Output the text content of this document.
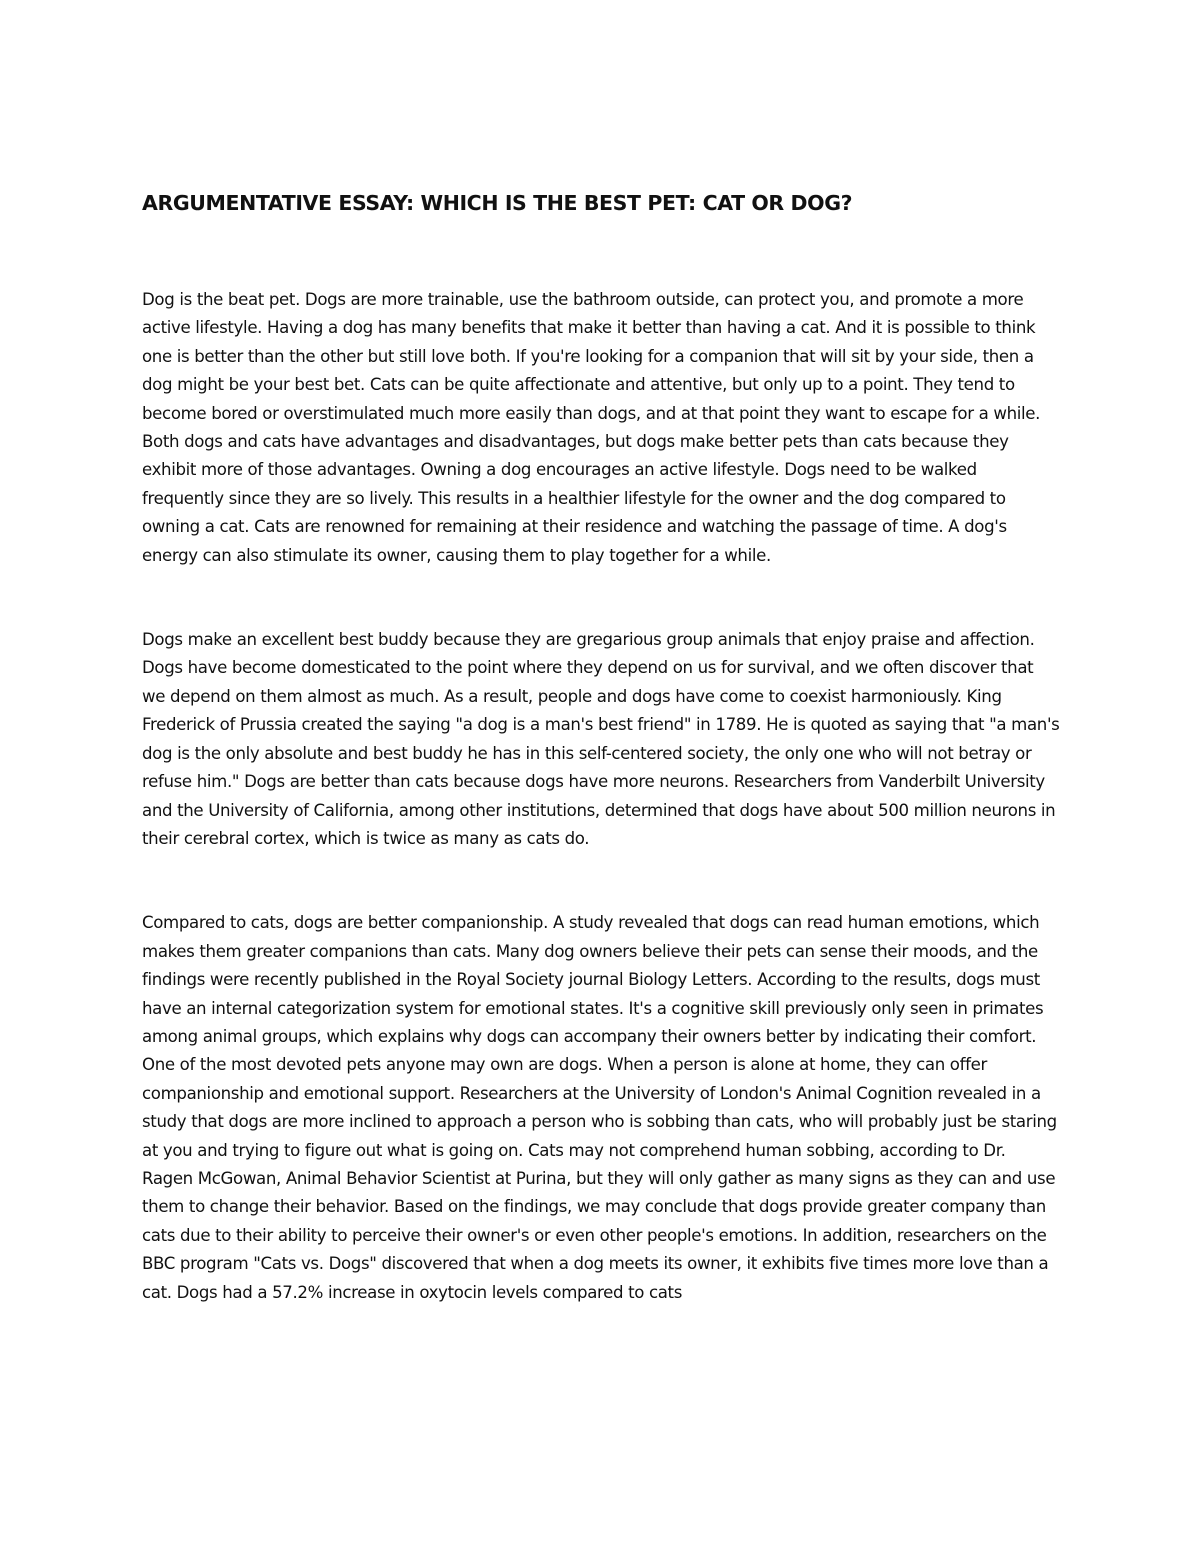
ARGUMENTATIVE ESSAY: WHICH IS THE BEST PET: CAT OR DOG?

Dog is the beat pet. Dogs are more trainable, use the bathroom outside, can protect you, and promote a more active lifestyle. Having a dog has many benefits that make it better than having a cat. And it is possible to think one is better than the other but still love both. If you're looking for a companion that will sit by your side, then a dog might be your best bet. Cats can be quite affectionate and attentive, but only up to a point. They tend to become bored or overstimulated much more easily than dogs, and at that point they want to escape for a while. Both dogs and cats have advantages and disadvantages, but dogs make better pets than cats because they exhibit more of those advantages. Owning a dog encourages an active lifestyle. Dogs need to be walked frequently since they are so lively. This results in a healthier lifestyle for the owner and the dog compared to owning a cat. Cats are renowned for remaining at their residence and watching the passage of time. A dog's energy can also stimulate its owner, causing them to play together for a while.

Dogs make an excellent best buddy because they are gregarious group animals that enjoy praise and affection. Dogs have become domesticated to the point where they depend on us for survival, and we often discover that we depend on them almost as much. As a result, people and dogs have come to coexist harmoniously. King Frederick of Prussia created the saying "a dog is a man's best friend" in 1789. He is quoted as saying that "a man's dog is the only absolute and best buddy he has in this self-centered society, the only one who will not betray or refuse him." Dogs are better than cats because dogs have more neurons. Researchers from Vanderbilt University and the University of California, among other institutions, determined that dogs have about 500 million neurons in their cerebral cortex, which is twice as many as cats do.

Compared to cats, dogs are better companionship. A study revealed that dogs can read human emotions, which makes them greater companions than cats. Many dog owners believe their pets can sense their moods, and the findings were recently published in the Royal Society journal Biology Letters. According to the results, dogs must have an internal categorization system for emotional states. It's a cognitive skill previously only seen in primates among animal groups, which explains why dogs can accompany their owners better by indicating their comfort. One of the most devoted pets anyone may own are dogs. When a person is alone at home, they can offer companionship and emotional support. Researchers at the University of London's Animal Cognition revealed in a study that dogs are more inclined to approach a person who is sobbing than cats, who will probably just be staring at you and trying to figure out what is going on. Cats may not comprehend human sobbing, according to Dr. Ragen McGowan, Animal Behavior Scientist at Purina, but they will only gather as many signs as they can and use them to change their behavior. Based on the findings, we may conclude that dogs provide greater company than cats due to their ability to perceive their owner's or even other people's emotions. In addition, researchers on the BBC program "Cats vs. Dogs" discovered that when a dog meets its owner, it exhibits five times more love than a cat. Dogs had a 57.2% increase in oxytocin levels compared to cats
